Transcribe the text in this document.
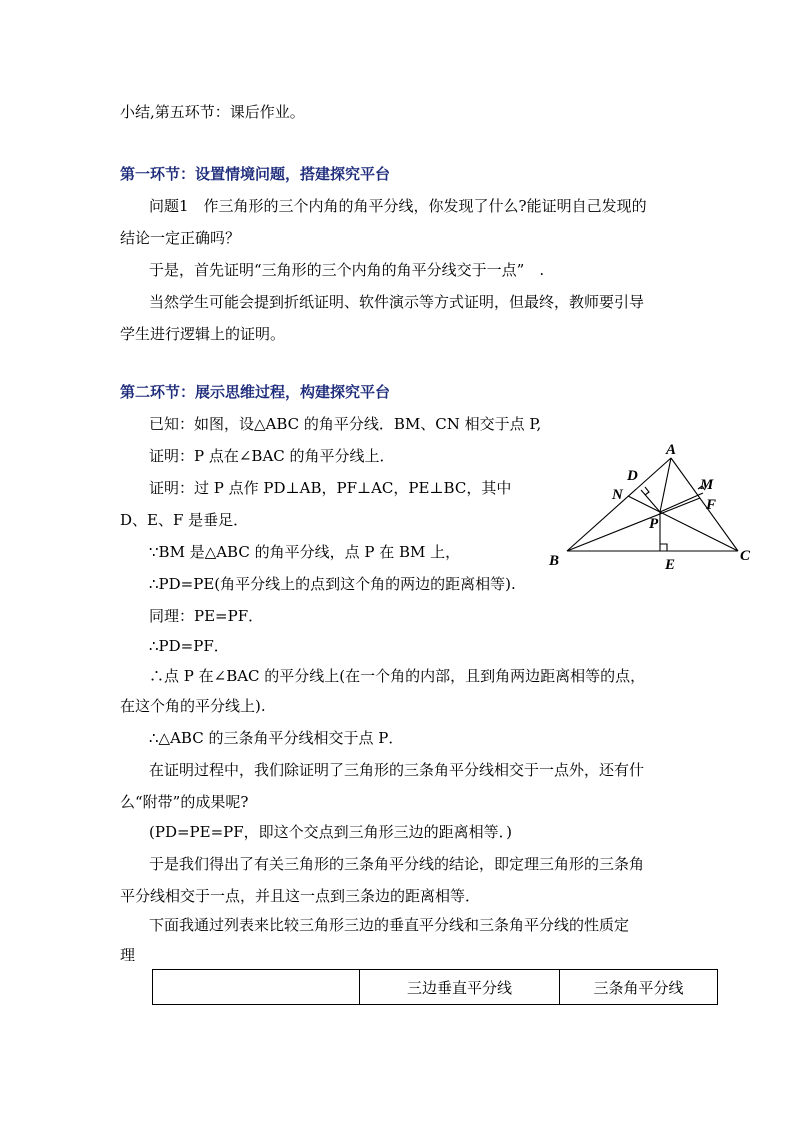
小结,第五环节：课后作业。
第一环节：设置情境问题，搭建探究平台
问题1　作三角形的三个内角的角平分线，你发现了什么?能证明自己发现的
结论一定正确吗？
于是，首先证明“三角形的三个内角的角平分线交于一点”　.
当然学生可能会提到折纸证明、软件演示等方式证明，但最终，教师要引导
学生进行逻辑上的证明。
第二环节：展示思维过程，构建探究平台
已知：如图，设△ABC 的角平分线．BM、CN 相交于点 P,
证明：P 点在∠BAC 的角平分线上．
证明：过 P 点作 PD⊥AB，PF⊥AC，PE⊥BC，其中
D、E、F 是垂足．
∵BM 是△ABC 的角平分线，点 P 在 BM 上，
∴PD=PE(角平分线上的点到这个角的两边的距离相等).
同理：PE=PF．
∴PD=PF．
∴点 P 在∠BAC 的平分线上(在一个角的内部，且到角两边距离相等的点，
在这个角的平分线上).
∴△ABC 的三条角平分线相交于点 P．
在证明过程中，我们除证明了三角形的三条角平分线相交于一点外，还有什
么“附带”的成果呢?
(PD=PE=PF，即这个交点到三角形三边的距离相等．)
于是我们得出了有关三角形的三条角平分线的结论，即定理三角形的三条角
平分线相交于一点，并且这一点到三条边的距离相等．
下面我通过列表来比较三角形三边的垂直平分线和三条角平分线的性质定
理
A
B	C
D
E
F
M
N
P
	三边垂直平分线	三条角平分线
